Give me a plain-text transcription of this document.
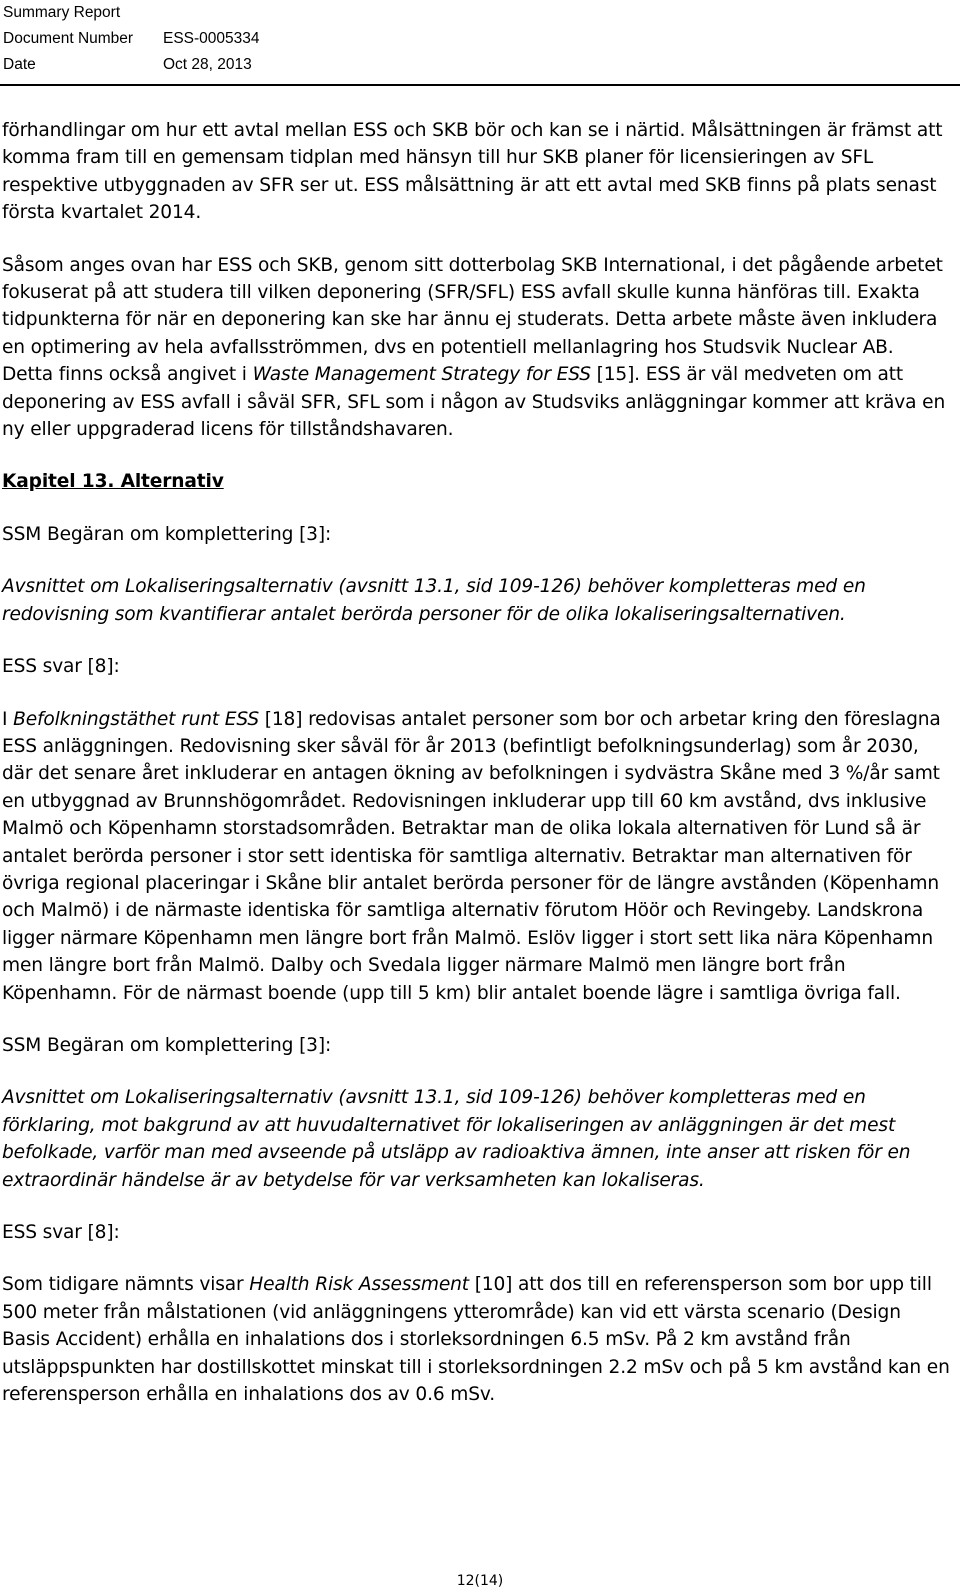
Summary Report
Document Number	ESS-0005334
Date	Oct 28, 2013

förhandlingar om hur ett avtal mellan ESS och SKB bör och kan se i närtid. Målsättningen är främst att komma fram till en gemensam tidplan med hänsyn till hur SKB planer för licensieringen av SFL respektive utbyggnaden av SFR ser ut. ESS målsättning är att ett avtal med SKB finns på plats senast första kvartalet 2014.

Såsom anges ovan har ESS och SKB, genom sitt dotterbolag SKB International, i det pågående arbetet fokuserat på att studera till vilken deponering (SFR/SFL) ESS avfall skulle kunna hänföras till. Exakta tidpunkterna för när en deponering kan ske har ännu ej studerats. Detta arbete måste även inkludera en optimering av hela avfallsströmmen, dvs en potentiell mellanlagring hos Studsvik Nuclear AB. Detta finns också angivet i Waste Management Strategy for ESS [15]. ESS är väl medveten om att deponering av ESS avfall i såväl SFR, SFL som i någon av Studsviks anläggningar kommer att kräva en ny eller uppgraderad licens för tillståndshavaren.

Kapitel 13. Alternativ

SSM Begäran om komplettering [3]:

Avsnittet om Lokaliseringsalternativ (avsnitt 13.1, sid 109-126) behöver kompletteras med en redovisning som kvantifierar antalet berörda personer för de olika lokaliseringsalternativen.

ESS svar [8]:

I Befolkningstäthet runt ESS [18] redovisas antalet personer som bor och arbetar kring den föreslagna ESS anläggningen. Redovisning sker såväl för år 2013 (befintligt befolkningsunderlag) som år 2030, där det senare året inkluderar en antagen ökning av befolkningen i sydvästra Skåne med 3 %/år samt en utbyggnad av Brunnshögområdet. Redovisningen inkluderar upp till 60 km avstånd, dvs inklusive Malmö och Köpenhamn storstadsområden. Betraktar man de olika lokala alternativen för Lund så är antalet berörda personer i stor sett identiska för samtliga alternativ. Betraktar man alternativen för övriga regional placeringar i Skåne blir antalet berörda personer för de längre avstånden (Köpenhamn och Malmö) i de närmaste identiska för samtliga alternativ förutom Höör och Revingeby. Landskrona ligger närmare Köpenhamn men längre bort från Malmö. Eslöv ligger i stort sett lika nära Köpenhamn men längre bort från Malmö. Dalby och Svedala ligger närmare Malmö men längre bort från Köpenhamn. För de närmast boende (upp till 5 km) blir antalet boende lägre i samtliga övriga fall.

SSM Begäran om komplettering [3]:

Avsnittet om Lokaliseringsalternativ (avsnitt 13.1, sid 109-126) behöver kompletteras med en förklaring, mot bakgrund av att huvudalternativet för lokaliseringen av anläggningen är det mest befolkade, varför man med avseende på utsläpp av radioaktiva ämnen, inte anser att risken för en extraordinär händelse är av betydelse för var verksamheten kan lokaliseras.

ESS svar [8]:

Som tidigare nämnts visar Health Risk Assessment [10] att dos till en referensperson som bor upp till 500 meter från målstationen (vid anläggningens ytterområde) kan vid ett värsta scenario (Design Basis Accident) erhålla en inhalations dos i storleksordningen 6.5 mSv. På 2 km avstånd från utsläppspunkten har dostillskottet minskat till i storleksordningen 2.2 mSv och på 5 km avstånd kan en referensperson erhålla en inhalations dos av 0.6 mSv.

12(14)
